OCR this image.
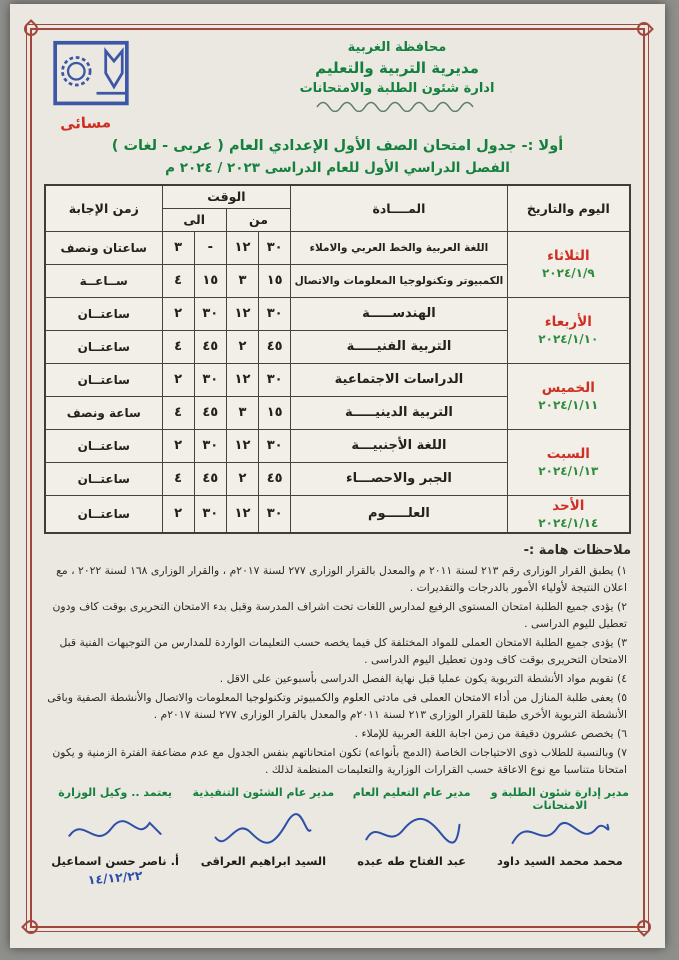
محافظة الغربية
مديرية التربية والتعليم
ادارة شئون الطلبة والامتحانات
مسائى
أولا :- جدول امتحان الصف الأول الإعدادي العام ( عربى - لغات )
الفصل الدراسي الأول للعام الدراسى ٢٠٢٣ / ٢٠٢٤ م
اليوم والتاريخ	المــــادة	الوقت				زمن الإجابة
		من		الى		

الثلاثاء
٢٠٢٤/١/٩	اللغة العربية والخط العربي والاملاء	٣٠	١٢	-	٣	ساعتان ونصف
	الكمبيوتر وتكنولوجيا المعلومات والاتصال	١٥	٣	١٥	٤	ســاعــة

الأربعاء
٢٠٢٤/١/١٠	الهندســـــة	٣٠	١٢	٣٠	٢	ساعتــان
	التربية الفنيـــــة	٤٥	٢	٤٥	٤	ساعتــان

الخميس
٢٠٢٤/١/١١	الدراسات الاجتماعية	٣٠	١٢	٣٠	٢	ساعتــان
	التربية الدينيـــــة	١٥	٣	٤٥	٤	ساعة ونصف

السبت
٢٠٢٤/١/١٣	اللغة الأجنبيـــة	٣٠	١٢	٣٠	٢	ساعتــان
	الجبر والاحصـــاء	٤٥	٢	٤٥	٤	ساعتــان

الأحد
٢٠٢٤/١/١٤	العلـــــوم	٣٠	١٢	٣٠	٢	ساعتــان
ملاحظات هامة :-
١) يطبق القرار الوزارى رقم ٢١٣ لسنة ٢٠١١ م والمعدل بالقرار الوزارى ٢٧٧ لسنة ٢٠١٧م ، والقرار الوزارى ١٦٨ لسنة ٢٠٢٢ ، مع اعلان النتيجة لأولياء الأمور بالدرجات والتقديرات .
٢) يؤدى جميع الطلبة امتحان المستوى الرفيع لمدارس اللغات تحت اشراف المدرسة وقبل بدء الامتحان التحريرى بوقت كاف ودون تعطيل لليوم الدراسى .
٣) يؤدى جميع الطلبة الامتحان العملى للمواد المختلفة كل فيما يخصه حسب التعليمات الواردة للمدارس من التوجيهات الفنية قبل الامتحان التحريرى بوقت كاف ودون تعطيل اليوم الدراسى .
٤) تقويم مواد الأنشطة التربوية يكون عمليا قبل نهاية الفصل الدراسى بأسبوعين على الاقل .
٥) يعفى طلبة المنازل من أداء الامتحان العملى فى مادتى العلوم والكمبيوتر وتكنولوجيا المعلومات والاتصال والأنشطة الصفية وباقى الأنشطة التربوية الأخرى طبقا للقرار الوزارى ٢١٣ لسنة ٢٠١١م والمعدل بالقرار الوزارى ٢٧٧ لسنة ٢٠١٧م .
٦) يخصص عشرون دقيقة من زمن اجابة اللغة العربية للإملاء .
٧) وبالنسبة للطلاب ذوى الاحتياجات الخاصة (الدمج بأنواعه) تكون امتحاناتهم بنفس الجدول مع عدم مضاعفة الفترة الزمنية و يكون امتحانا متناسبا مع نوع الاعاقة حسب القرارات الوزارية والتعليمات المنظمة لذلك .
مدير إدارة شئون الطلبة و الامتحانات
محمد محمد السيد داود
مدير عام التعليم العام
عبد الفتاح طه عبده
مدير عام الشئون التنفيذية
السيد ابراهيم العراقى
يعتمد .. وكيل الوزارة
أ. ناصر حسن اسماعيل
١٤/١٢/٢٢
